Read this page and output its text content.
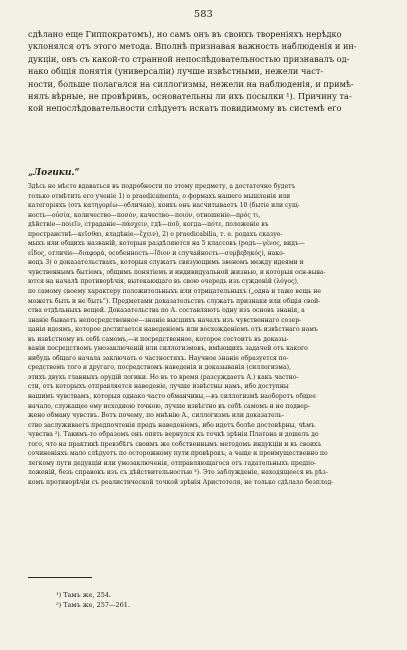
583
сдѣлано еще Гиппократомъ), но самъ онъ въ своихъ твореніяхъ нерѣдко
уклонялся отъ этого метода. Вполнѣ признавая важность наблюденія и ин-
дукціи, онъ съ какой-то странной непослѣдовательностью признавалъ од-
нако общія понятія (универсаліи) лучше извѣстными, нежели част-
ности, больше полагался на силлогизмы, нежели на наблюденія, и примѣ-
нялъ вѣрные, не провѣривъ, основательны ли ихъ посылки ¹). Причину та-
кой непослѣдовательности слѣдуетъ искать повидимому въ системѣ его
„Логики.“
Здѣсь не мѣсто вдаваться въ подробности по этому предмету, а достаточно будетъ
только отмѣтить его ученіе 1) о praedicamenta, о формахъ нашего мышленія или
категоріяхъ (отъ κατηγορέω—обличаю), коихъ онъ насчитываетъ 10 (бытіе или сущ-
ность—οὐσία, количество—ποσόν, качество—ποιόν, отношеніе—πρός τι,
дѣйствіе—ποιεῖν, страданіе—πάσχειν, гдѣ—ποῦ, когда—πότε, положеніе въ
пространствѣ—κεῖσθαι, владѣніе—ἔχειν), 2) о praedicabilia, т. е. родахъ сказуе-
мыхъ или общихъ названій, которыя раздѣляются на 5 классовъ (родъ—γένος, видъ—
εἶδος, отличіе—διαφορά, особенность—ἴδιον и случайность—συμβεβηκός), нако-
нецъ 3) о доказательствахъ, которыя служатъ связующимъ звеномъ между идеями и
чувственнымъ бытіемъ, общимъ понятіемъ и индивидуальной жизнью, и которыя осн-выва-
ются на началѣ противорѣчія, вытекающаго въ свою очередь изъ сужденій (λόγος),
по самому своему характеру положительныхъ или отрицательныхъ („одна и таже вещь не
можетъ быть и не быть“). Предметами доказательствъ служатъ признаки или общія свой-
ства отдѣльныхъ вещей. Доказательства по А. составляютъ одну изъ основъ знанія, а
знаніе бываетъ непосредственное—знаніе высшихъ началъ изъ чувственнаго созер-
цанія идеямъ, которое достигается наведеніемъ или восхожденіемъ отъ извѣстнаго намъ
въ извѣстному въ себѣ самомъ,—и посредственное, которое состоитъ въ доказы-
ваніи посредствомъ умозаключеній или силлогизмовъ, имѣющихъ задачей отъ какого
нибудь общаго начала заключать о частностяхъ. Научное знаніе образуется по-
средствомъ того и другаго, посредствомъ наведенія и доказыванія (силлогизма),
этихъ двухъ главныхъ орудій логики. Но въ то время (разсуждаетъ А.) какъ частно-
сти, отъ которыхъ отправляется наведеніе, лучше извѣстны намъ, ибо доступны
нашимъ чувствамъ, которыя однако часто обманчивы,—въ силлогизмѣ наоборотъ общее
начало, служащее ему исходною точкою, лучше извѣстно въ себѣ самомъ и не подвер-
жено обману чувствъ. Вотъ почему, по мнѣнію А., силлогизмъ или доказатель-
ство заслуживаетъ предпочтенія предъ наведеніемъ, ибо идетъ болѣе достовѣрны, чѣмъ
чувства ²). Такимъ-то образомъ онъ опять вернулся къ точкѣ зрѣнія Платона и дошелъ до
того, что на практикѣ превзбѣгъ своимъ же собственнымъ методомъ индукціи и въ своихъ
сочиненіяхъ мало слѣдуетъ по осторожному пути провѣрокъ, а чаще и преимущественно по
легкому пути дедукціи или умозаключенія, отправляющагося отъ гадательныхъ предпо-
ложеній, безъ справокъ изъ съ дѣйствительностью ³). Это заблужденіе, находящееся въ рѣз-
комъ противорѣчіи съ реалистической точкой зрѣнія Аристотеля, не только сдѣлало безплод-
¹) Тамъ же, 254.
²) Тамъ же, 257—261.
